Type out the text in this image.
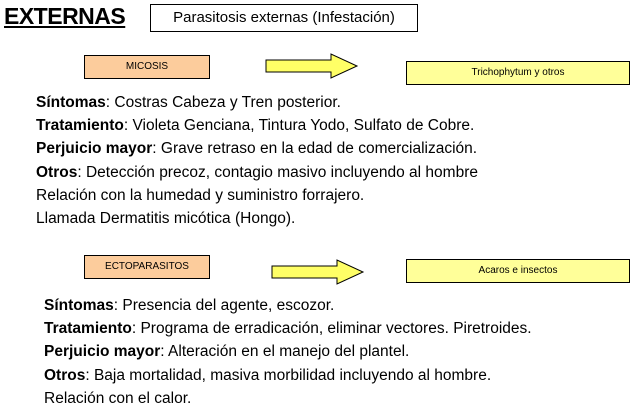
EXTERNAS	Parasitosis externas (Infestación)
MICOSIS
Trichophytum y otros
Síntomas: Costras Cabeza y Tren posterior.
Tratamiento: Violeta Genciana, Tintura Yodo, Sulfato de Cobre.
Perjuicio mayor: Grave retraso en la edad de comercialización.
Otros: Detección precoz, contagio masivo incluyendo al hombre
Relación con la humedad y suministro forrajero.
Llamada Dermatitis micótica (Hongo).
ECTOPARASITOS	Acaros e insectos
Síntomas: Presencia del agente, escozor.
Tratamiento: Programa de erradicación, eliminar vectores. Piretroides.
Perjuicio mayor: Alteración en el manejo del plantel.
Otros: Baja mortalidad, masiva morbilidad incluyendo al hombre.
Relación con el calor.
